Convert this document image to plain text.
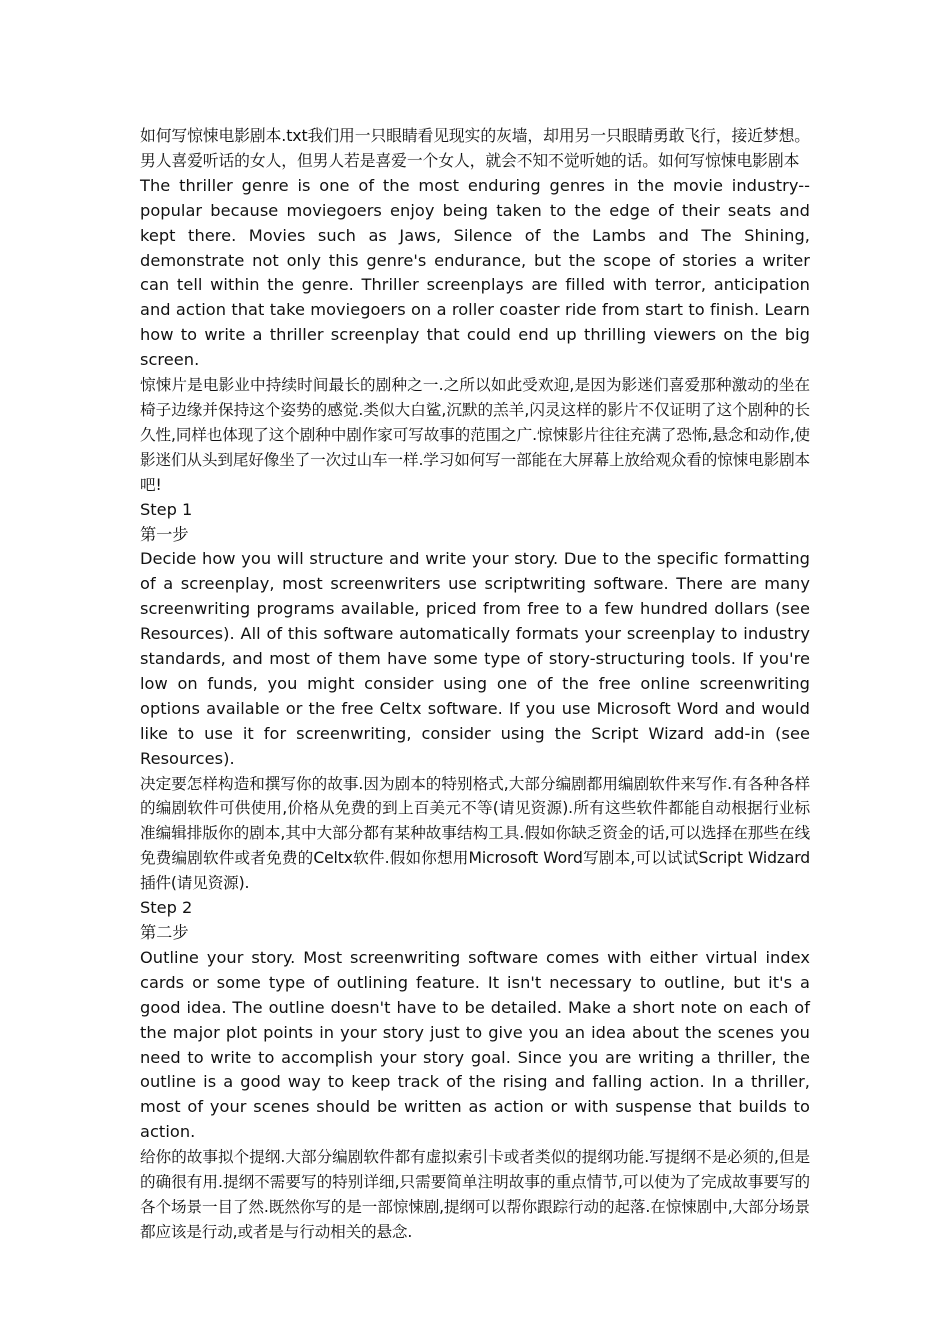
如何写惊悚电影剧本.txt我们用一只眼睛看见现实的灰墙，却用另一只眼睛勇敢飞行，接近梦想。男人喜爱听话的女人，但男人若是喜爱一个女人，就会不知不觉听她的话。如何写惊悚电影剧本

The thriller genre is one of the most enduring genres in the movie industry--popular because moviegoers enjoy being taken to the edge of their seats and kept there. Movies such as Jaws, Silence of the Lambs and The Shining, demonstrate not only this genre's endurance, but the scope of stories a writer can tell within the genre. Thriller screenplays are filled with terror, anticipation and action that take moviegoers on a roller coaster ride from start to finish. Learn how to write a thriller screenplay that could end up thrilling viewers on the big screen.

惊悚片是电影业中持续时间最长的剧种之一.之所以如此受欢迎,是因为影迷们喜爱那种激动的坐在椅子边缘并保持这个姿势的感觉.类似大白鲨,沉默的羔羊,闪灵这样的影片不仅证明了这个剧种的长久性,同样也体现了这个剧种中剧作家可写故事的范围之广.惊悚影片往往充满了恐怖,悬念和动作,使影迷们从头到尾好像坐了一次过山车一样.学习如何写一部能在大屏幕上放给观众看的惊悚电影剧本吧!

Step 1

第一步

Decide how you will structure and write your story. Due to the specific formatting of a screenplay, most screenwriters use scriptwriting software. There are many screenwriting programs available, priced from free to a few hundred dollars (see Resources). All of this software automatically formats your screenplay to industry standards, and most of them have some type of story-structuring tools. If you're low on funds, you might consider using one of the free online screenwriting options available or the free Celtx software. If you use Microsoft Word and would like to use it for screenwriting, consider using the Script Wizard add-in (see Resources).

决定要怎样构造和撰写你的故事.因为剧本的特别格式,大部分编剧都用编剧软件来写作.有各种各样的编剧软件可供使用,价格从免费的到上百美元不等(请见资源).所有这些软件都能自动根据行业标准编辑排版你的剧本,其中大部分都有某种故事结构工具.假如你缺乏资金的话,可以选择在那些在线免费编剧软件或者免费的Celtx软件.假如你想用Microsoft Word写剧本,可以试试Script Widzard插件(请见资源).

Step 2

第二步

Outline your story. Most screenwriting software comes with either virtual index cards or some type of outlining feature. It isn't necessary to outline, but it's a good idea. The outline doesn't have to be detailed. Make a short note on each of the major plot points in your story just to give you an idea about the scenes you need to write to accomplish your story goal. Since you are writing a thriller, the outline is a good way to keep track of the rising and falling action. In a thriller, most of your scenes should be written as action or with suspense that builds to action.

给你的故事拟个提纲.大部分编剧软件都有虚拟索引卡或者类似的提纲功能.写提纲不是必须的,但是的确很有用.提纲不需要写的特别详细,只需要简单注明故事的重点情节,可以使为了完成故事要写的各个场景一目了然.既然你写的是一部惊悚剧,提纲可以帮你跟踪行动的起落.在惊悚剧中,大部分场景都应该是行动,或者是与行动相关的悬念.
